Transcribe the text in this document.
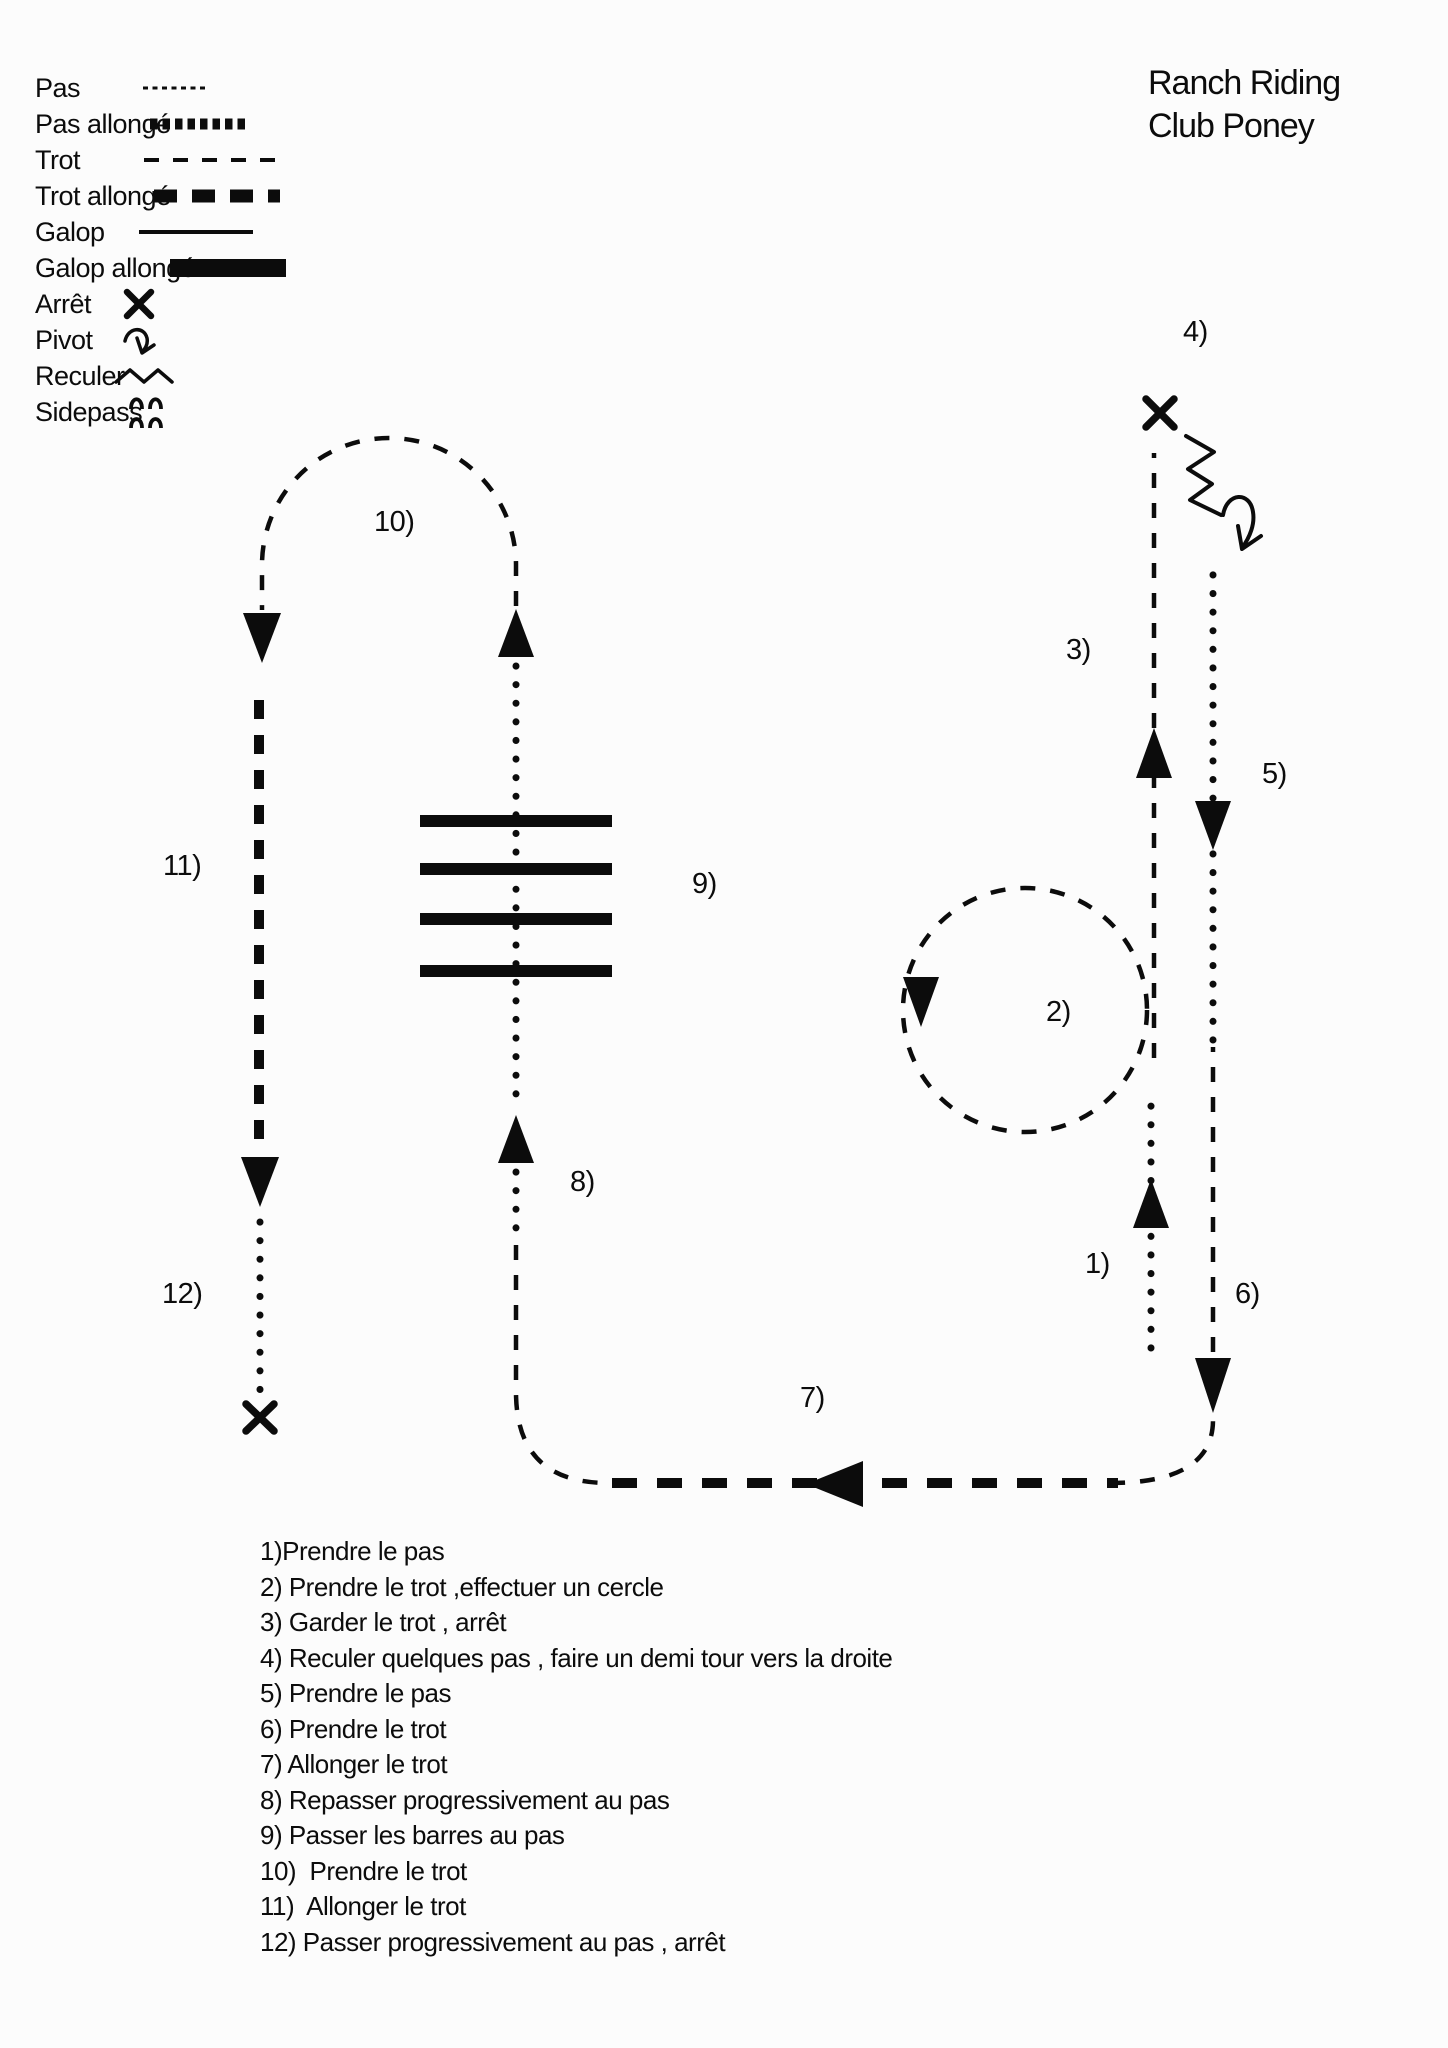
Pas
Pas allongé
Trot
Trot allongé
Galop
Galop allongé
Arrêt
Pivot
Reculer
Sidepass
Ranch Riding
Club Poney
1)
2)
3)
4)
5)
6)
7)
8)
9)
10)
11)
12)
1)Prendre le pas
2) Prendre le trot ,effectuer un cercle
3) Garder le trot , arrêt
4) Reculer quelques pas , faire un demi tour vers la droite
5) Prendre le pas
6) Prendre le trot
7) Allonger le trot
8) Repasser progressivement au pas
9) Passer les barres au pas
10)  Prendre le trot
11)  Allonger le trot
12) Passer progressivement au pas , arrêt
